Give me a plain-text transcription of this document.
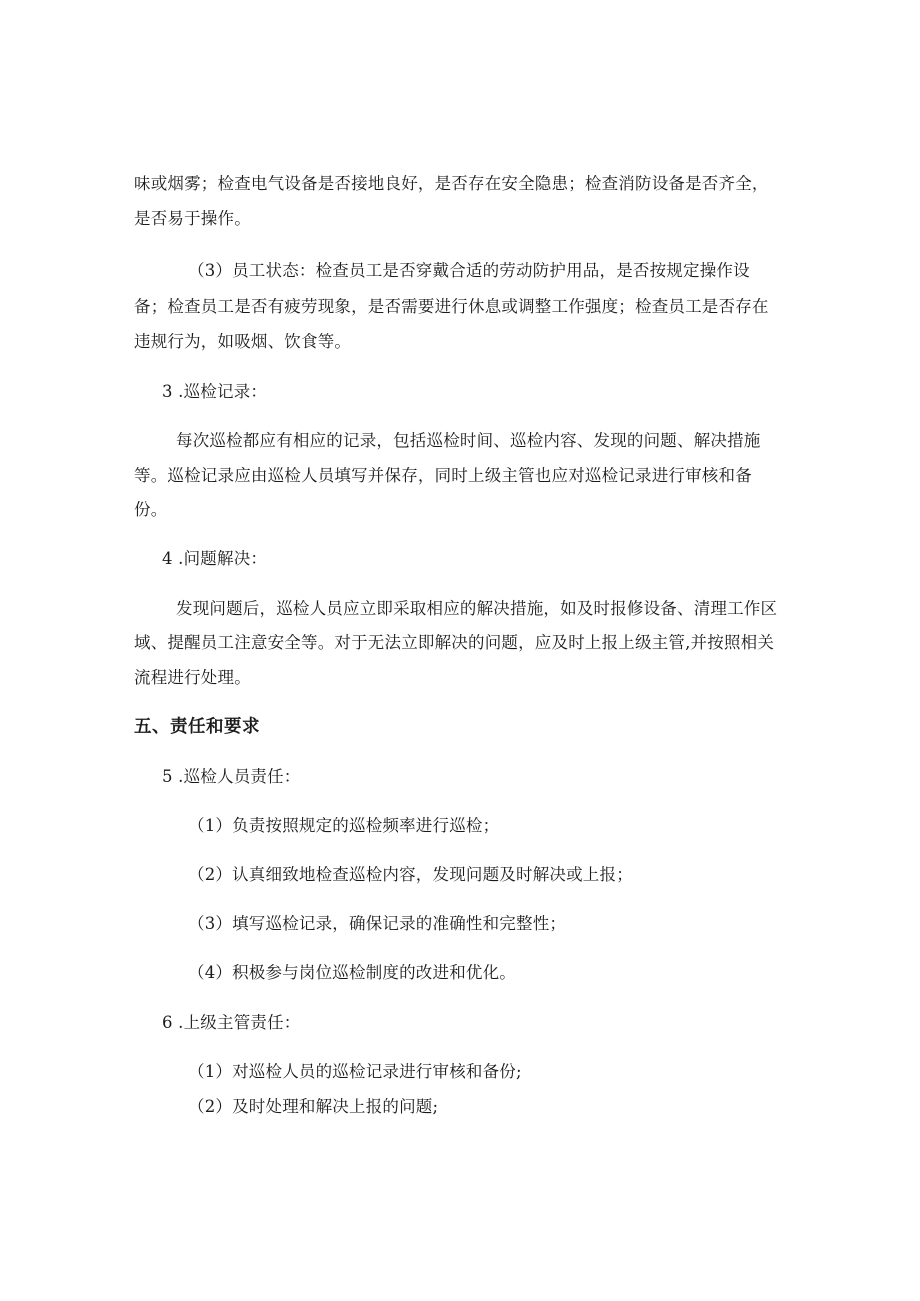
味或烟雾；检查电气设备是否接地良好，是否存在安全隐患；检查消防设备是否齐全，
是否易于操作。
（3）员工状态：检查员工是否穿戴合适的劳动防护用品，是否按规定操作设
备；检查员工是否有疲劳现象，是否需要进行休息或调整工作强度；检查员工是否存在
违规行为，如吸烟、饮食等。
3 .巡检记录：
每次巡检都应有相应的记录，包括巡检时间、巡检内容、发现的问题、解决措施
等。巡检记录应由巡检人员填写并保存，同时上级主管也应对巡检记录进行审核和备
份。
4 .问题解决：
发现问题后，巡检人员应立即采取相应的解决措施，如及时报修设备、清理工作区
域、提醒员工注意安全等。对于无法立即解决的问题，应及时上报上级主管,并按照相关
流程进行处理。
五、责任和要求
5 .巡检人员责任：
（1）负责按照规定的巡检频率进行巡检；
（2）认真细致地检查巡检内容，发现问题及时解决或上报；
（3）填写巡检记录，确保记录的准确性和完整性；
（4）积极参与岗位巡检制度的改进和优化。
6 .上级主管责任：
（1）对巡检人员的巡检记录进行审核和备份;
（2）及时处理和解决上报的问题;
